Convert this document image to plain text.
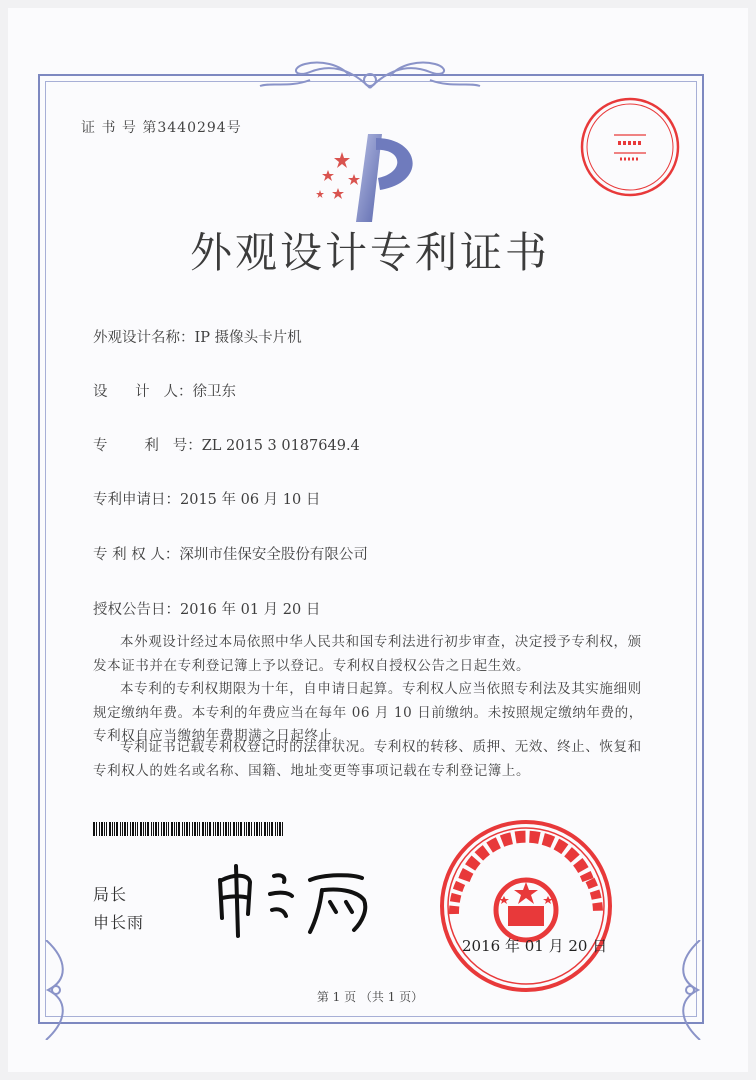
证 书 号 第3440294号
外观设计专利证书
外观设计名称：IP 摄像头卡片机
设      计   人：徐卫东
专        利   号：ZL 2015 3 0187649.4
专利申请日：2015 年 06 月 10 日
专 利 权 人：深圳市佳保安全股份有限公司
授权公告日：2016 年 01 月 20 日
本外观设计经过本局依照中华人民共和国专利法进行初步审查，决定授予专利权，颁发本证书并在专利登记簿上予以登记。专利权自授权公告之日起生效。
本专利的专利权期限为十年，自申请日起算。专利权人应当依照专利法及其实施细则规定缴纳年费。本专利的年费应当在每年 06 月 10 日前缴纳。未按照规定缴纳年费的，专利权自应当缴纳年费期满之日起终止。
专利证书记载专利权登记时的法律状况。专利权的转移、质押、无效、终止、恢复和专利权人的姓名或名称、国籍、地址变更等事项记载在专利登记簿上。
局长
申长雨
2016 年 01 月 20 日
第 1 页 （共 1 页）
